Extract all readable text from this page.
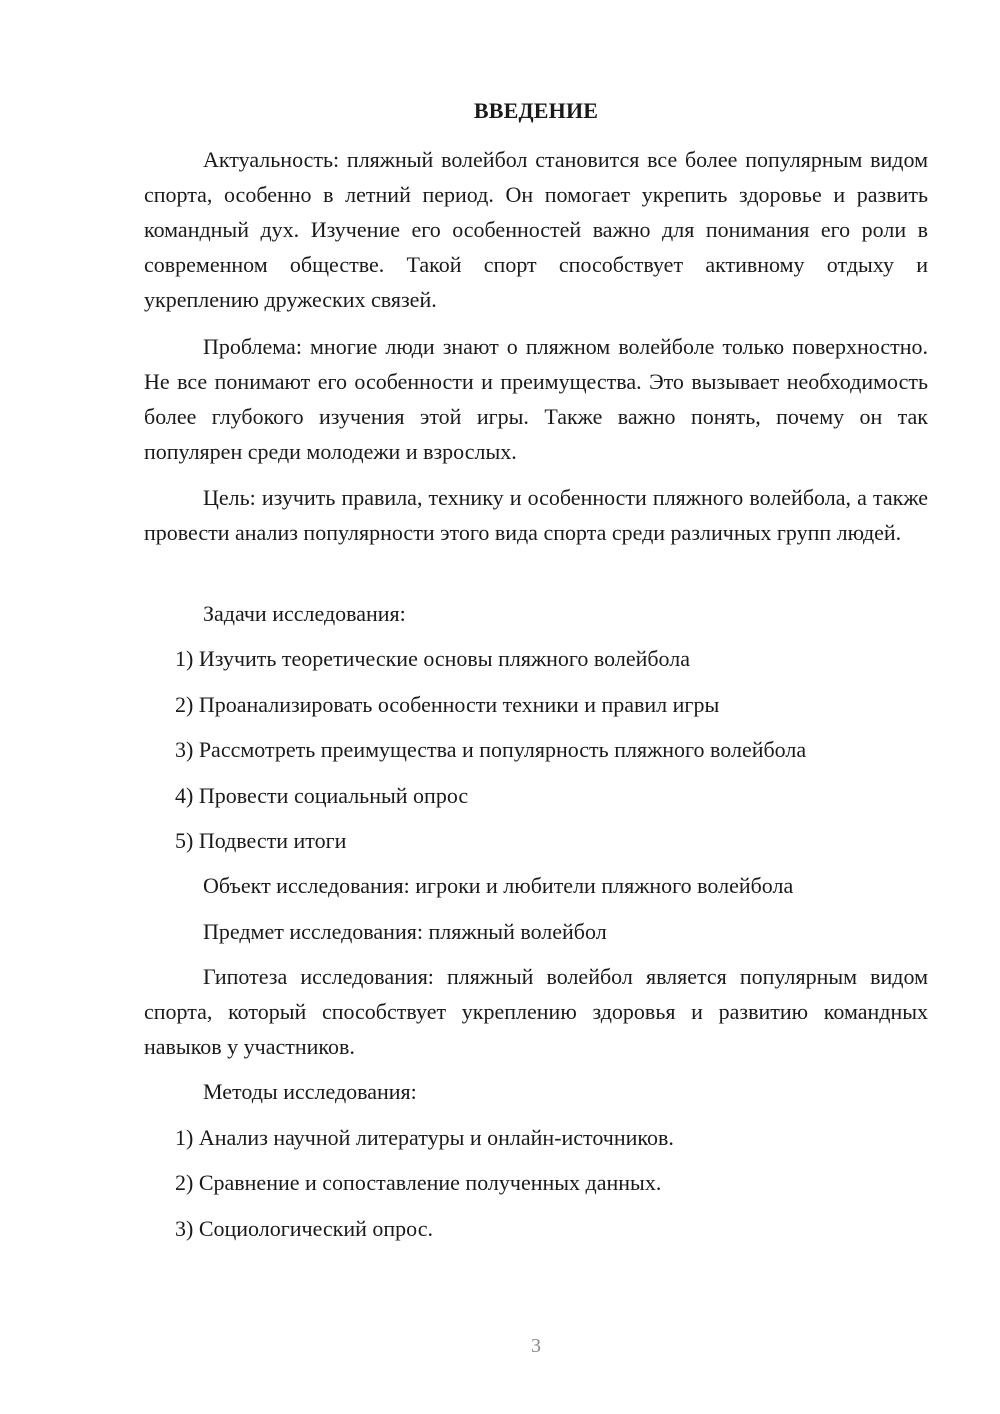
ВВЕДЕНИЕ

Актуальность: пляжный волейбол становится все более популярным видом спорта, особенно в летний период. Он помогает укрепить здоровье и развить командный дух. Изучение его особенностей важно для понимания его роли в современном обществе. Такой спорт способствует активному отдыху и укреплению дружеских связей.

Проблема: многие люди знают о пляжном волейболе только поверхностно. Не все понимают его особенности и преимущества. Это вызывает необходимость более глубокого изучения этой игры. Также важно понять, почему он так популярен среди молодежи и взрослых.

Цель: изучить правила, технику и особенности пляжного волейбола, а также провести анализ популярности этого вида спорта среди различных групп людей.

Задачи исследования:

1) Изучить теоретические основы пляжного волейбола

2) Проанализировать особенности техники и правил игры

3) Рассмотреть преимущества и популярность пляжного волейбола

4) Провести социальный опрос

5) Подвести итоги

Объект исследования: игроки и любители пляжного волейбола

Предмет исследования: пляжный волейбол

Гипотеза исследования: пляжный волейбол является популярным видом спорта, который способствует укреплению здоровья и развитию командных навыков у участников.

Методы исследования:

1) Анализ научной литературы и онлайн-источников.

2) Сравнение и сопоставление полученных данных.

3) Социологический опрос.

3
